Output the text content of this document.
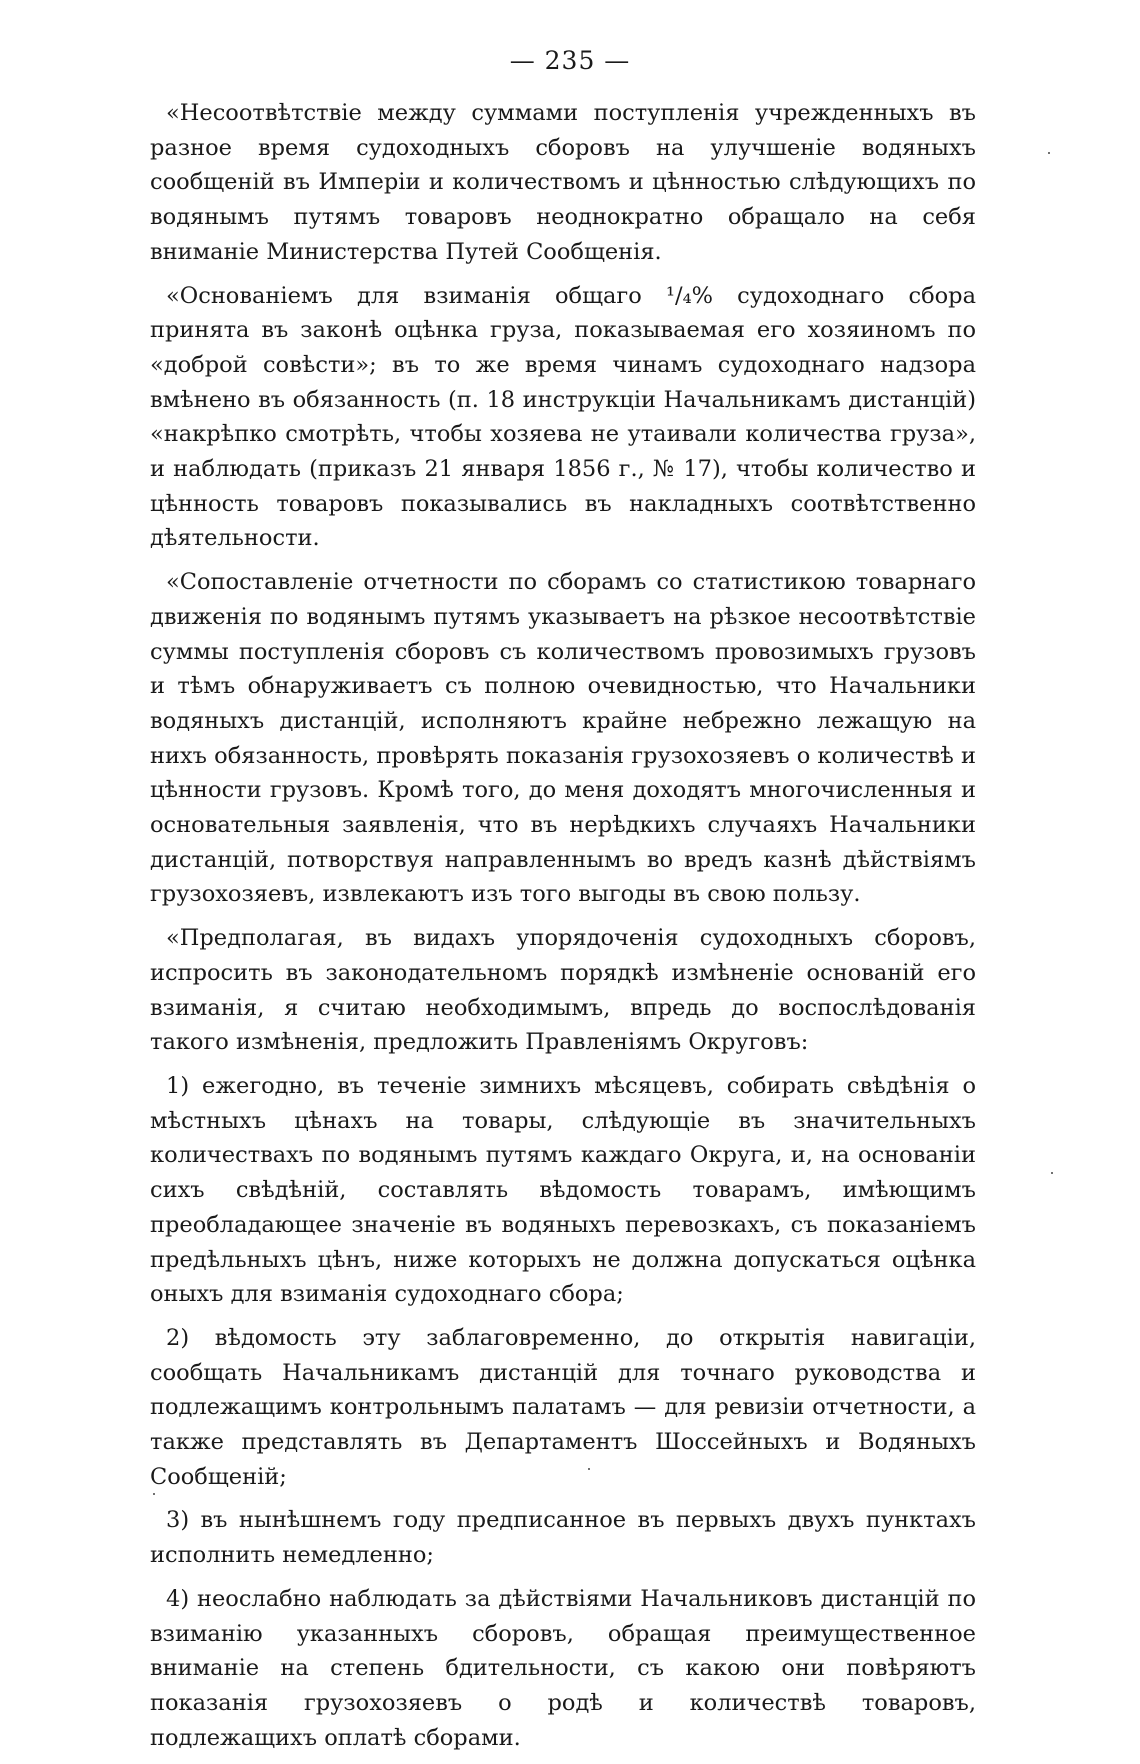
— 235 —

«Несоотвѣтствіе между суммами поступленія учрежденныхъ въ разное время судоходныхъ сборовъ на улучшеніе водяныхъ сообщеній въ Имперіи и количествомъ и цѣнностью слѣдующихъ по водянымъ путямъ товаровъ неоднократно обращало на себя вниманіе Министерства Путей Сообщенія.

«Основаніемъ для взиманія общаго ¹/₄% судоходнаго сбора принята въ законѣ оцѣнка груза, показываемая его хозяиномъ по «доброй совѣсти»; въ то же время чинамъ судоходнаго надзора вмѣнено въ обязанность (п. 18 инструкціи Начальникамъ дистанцій) «накрѣпко смотрѣть, чтобы хозяева не утаивали количества груза», и наблюдать (приказъ 21 января 1856 г., № 17), чтобы количество и цѣнность товаровъ показывались въ накладныхъ соотвѣтственно дѣятельности.

«Сопоставленіе отчетности по сборамъ со статистикою товарнаго движенія по водянымъ путямъ указываетъ на рѣзкое несоотвѣтствіе суммы поступленія сборовъ съ количествомъ провозимыхъ грузовъ и тѣмъ обнаруживаетъ съ полною очевидностью, что Начальники водяныхъ дистанцій, исполняютъ крайне небрежно лежащую на нихъ обязанность, провѣрять показанія грузохозяевъ о количествѣ и цѣнности грузовъ. Кромѣ того, до меня доходятъ многочисленныя и основательныя заявленія, что въ нерѣдкихъ случаяхъ Начальники дистанцій, потворствуя направленнымъ во вредъ казнѣ дѣйствіямъ грузохозяевъ, извлекаютъ изъ того выгоды въ свою пользу.

«Предполагая, въ видахъ упорядоченія судоходныхъ сборовъ, испросить въ законодательномъ порядкѣ измѣненіе основаній его взиманія, я считаю необходимымъ, впредь до воспослѣдованія такого измѣненія, предложить Правленіямъ Округовъ:

1) ежегодно, въ теченіе зимнихъ мѣсяцевъ, собирать свѣдѣнія о мѣстныхъ цѣнахъ на товары, слѣдующіе въ значительныхъ количествахъ по водянымъ путямъ каждаго Округа, и, на основаніи сихъ свѣдѣній, составлять вѣдомость товарамъ, имѣющимъ преобладающее значеніе въ водяныхъ перевозкахъ, съ показаніемъ предѣльныхъ цѣнъ, ниже которыхъ не должна допускаться оцѣнка оныхъ для взиманія судоходнаго сбора;

2) вѣдомость эту заблаговременно, до открытія навигаціи, сообщать Начальникамъ дистанцій для точнаго руководства и подлежащимъ контрольнымъ палатамъ — для ревизіи отчетности, а также представлять въ Департаментъ Шоссейныхъ и Водяныхъ Сообщеній;

3) въ нынѣшнемъ году предписанное въ первыхъ двухъ пунктахъ исполнить немедленно;

4) неослабно наблюдать за дѣйствіями Начальниковъ дистанцій по взиманію указанныхъ сборовъ, обращая преимущественное вниманіе на степень бдительности, съ какою они повѣряютъ показанія грузохозяевъ о родѣ и количествѣ товаровъ, подлежащихъ оплатѣ сборами.
